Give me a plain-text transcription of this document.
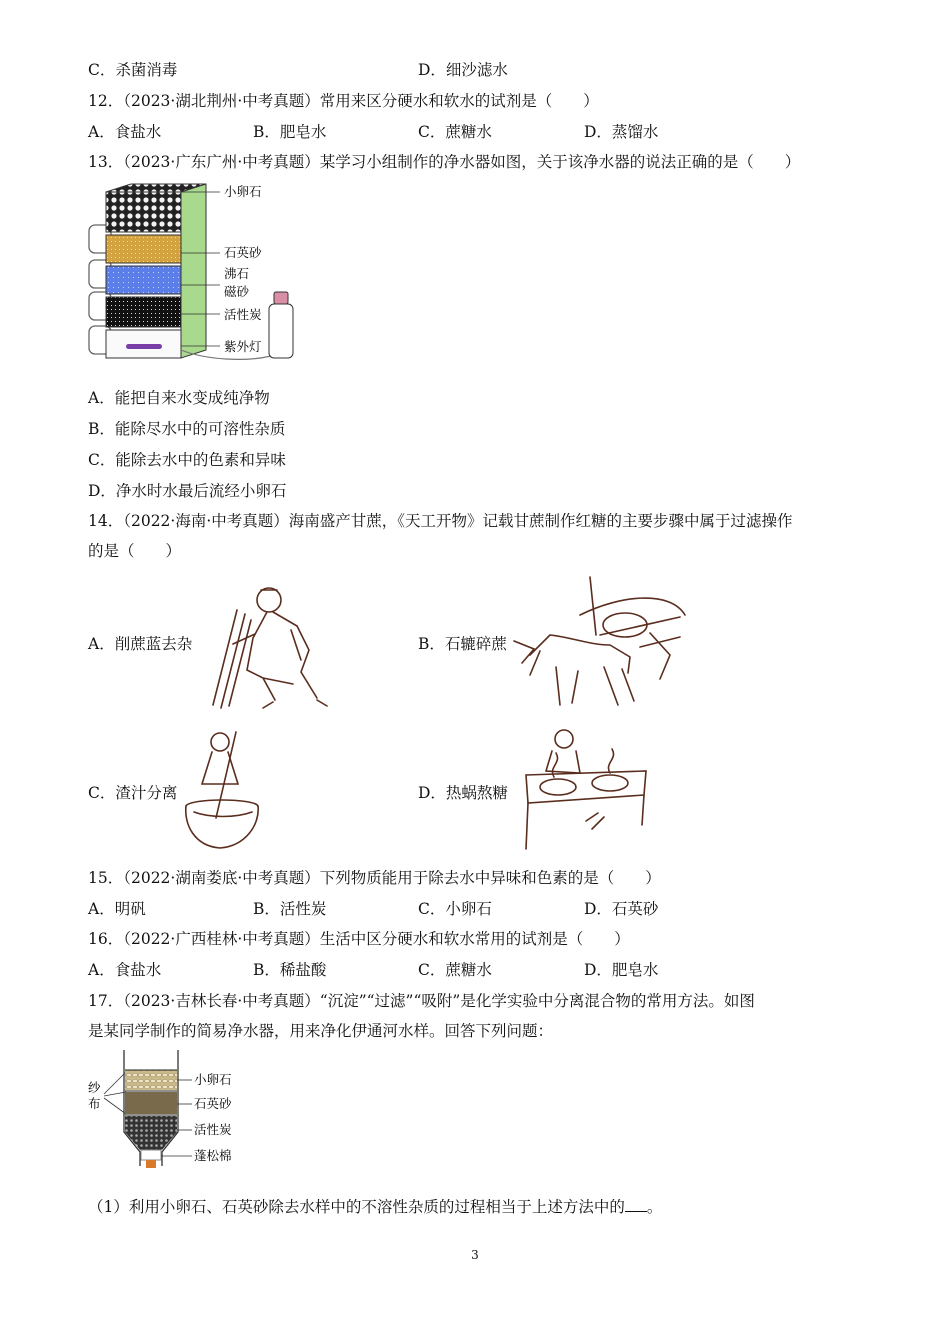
C．杀菌消毒	D．细沙滤水
12．（2023·湖北荆州·中考真题）常用来区分硬水和软水的试剂是（　　）
A．食盐水	B．肥皂水	C．蔗糖水	D．蒸馏水
13．（2023·广东广州·中考真题）某学习小组制作的净水器如图，关于该净水器的说法正确的是（　　）
小卵石
石英砂
沸石
磁砂
活性炭
紫外灯
A．能把自来水变成纯净物
B．能除尽水中的可溶性杂质
C．能除去水中的色素和异味
D．净水时水最后流经小卵石
14．（2022·海南·中考真题）海南盛产甘蔗，《天工开物》记载甘蔗制作红糖的主要步骤中属于过滤操作
的是（　　）
A．削蔗蓝去杂	B．石辘碎蔗
C．渣汁分离	D．热蜗熬糖
15．（2022·湖南娄底·中考真题）下列物质能用于除去水中异味和色素的是（　　）
A．明矾	B．活性炭	C．小卵石	D．石英砂
16．（2022·广西桂林·中考真题）生活中区分硬水和软水常用的试剂是（　　）
A．食盐水	B．稀盐酸	C．蔗糖水	D．肥皂水
17．（2023·吉林长春·中考真题）“沉淀”“过滤”“吸附”是化学实验中分离混合物的常用方法。如图
是某同学制作的简易净水器，用来净化伊通河水样。回答下列问题：
纱
布
小卵石
石英砂
活性炭
蓬松棉
（1）利用小卵石、石英砂除去水样中的不溶性杂质的过程相当于上述方法中的 。
3
